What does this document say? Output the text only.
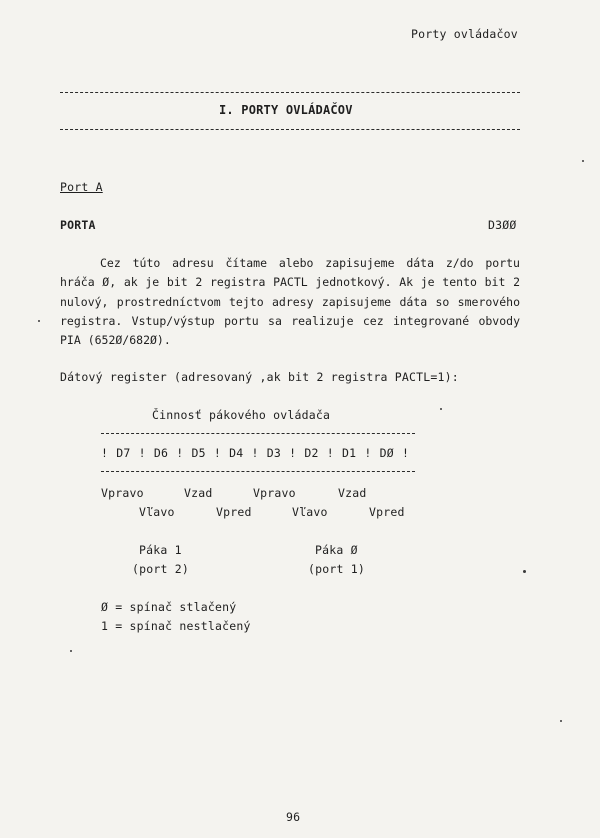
Porty ovládačov
I. PORTY OVLÁDAČOV
Port A
PORTA	D3ØØ

Cez túto adresu čítame alebo zapisujeme dáta z/do portu hráča Ø, ak je bit 2 registra PACTL jednotkový. Ak je tento bit 2 nulový, prostredníctvom tejto adresy zapisujeme dáta so smerového registra. Vstup/výstup portu sa realizuje cez integrované obvody PIA (652Ø/682Ø).

Dátový register (adresovaný ,ak bit 2 registra PACTL=1):
Činnosť pákového ovládača
! D7 ! D6 ! D5 ! D4 ! D3 ! D2 ! D1 ! DØ !
Vpravo	Vzad	Vpravo	Vzad
Vľavo	Vpred	Vľavo	Vpred
Páka 1
(port 2)
Páka Ø
(port 1)
Ø = spínač stlačený
1 = spínač nestlačený
96
